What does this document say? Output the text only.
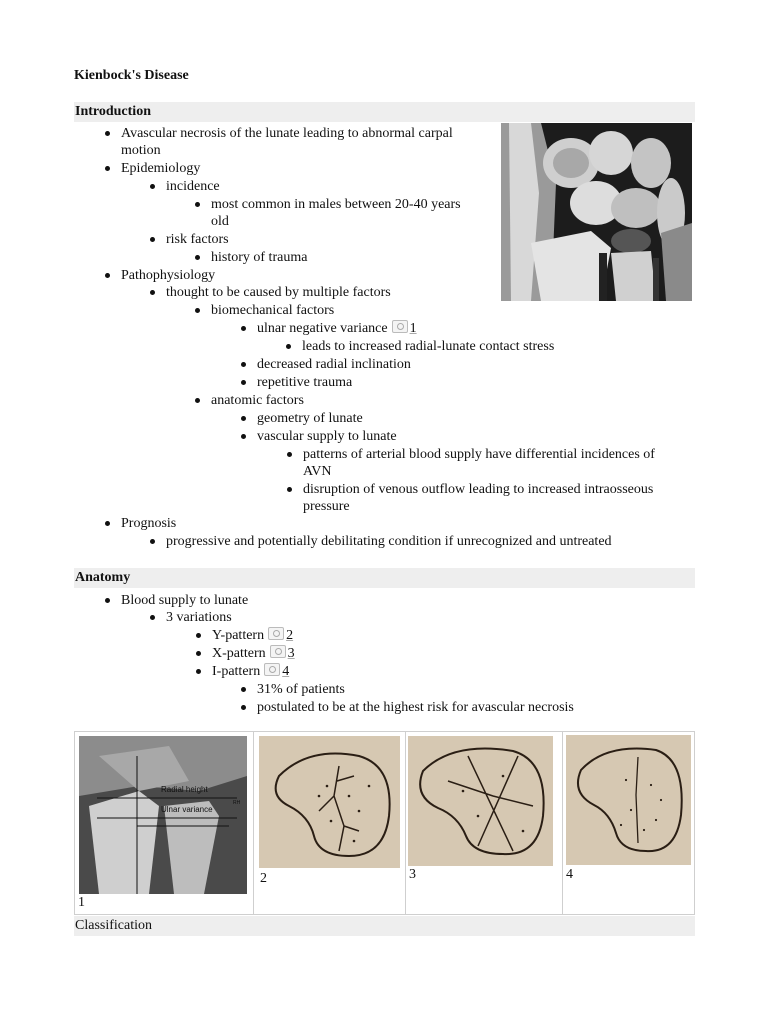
Kienbock's Disease
Introduction
Avascular necrosis of the lunate leading to abnormal carpal
motion
Epidemiology
incidence
most common in males between 20-40 years
old
risk factors
history of trauma
Pathophysiology
thought to be caused by multiple factors
biomechanical factors
ulnar negative variance 1
leads to increased radial-lunate contact stress
decreased radial inclination
repetitive trauma
anatomic factors
geometry of lunate
vascular supply to lunate
patterns of arterial blood supply have differential incidences of
AVN
disruption of venous outflow leading to increased intraosseous
pressure
Prognosis
progressive and potentially debilitating condition if unrecognized and untreated
Anatomy
Blood supply to lunate
3 variations
Y-pattern 2
X-pattern 3
I-pattern 4
31% of patients
postulated to be at the highest risk for avascular necrosis
Radial height
Ulnar variance
RH
1
2	3	4
Classification
